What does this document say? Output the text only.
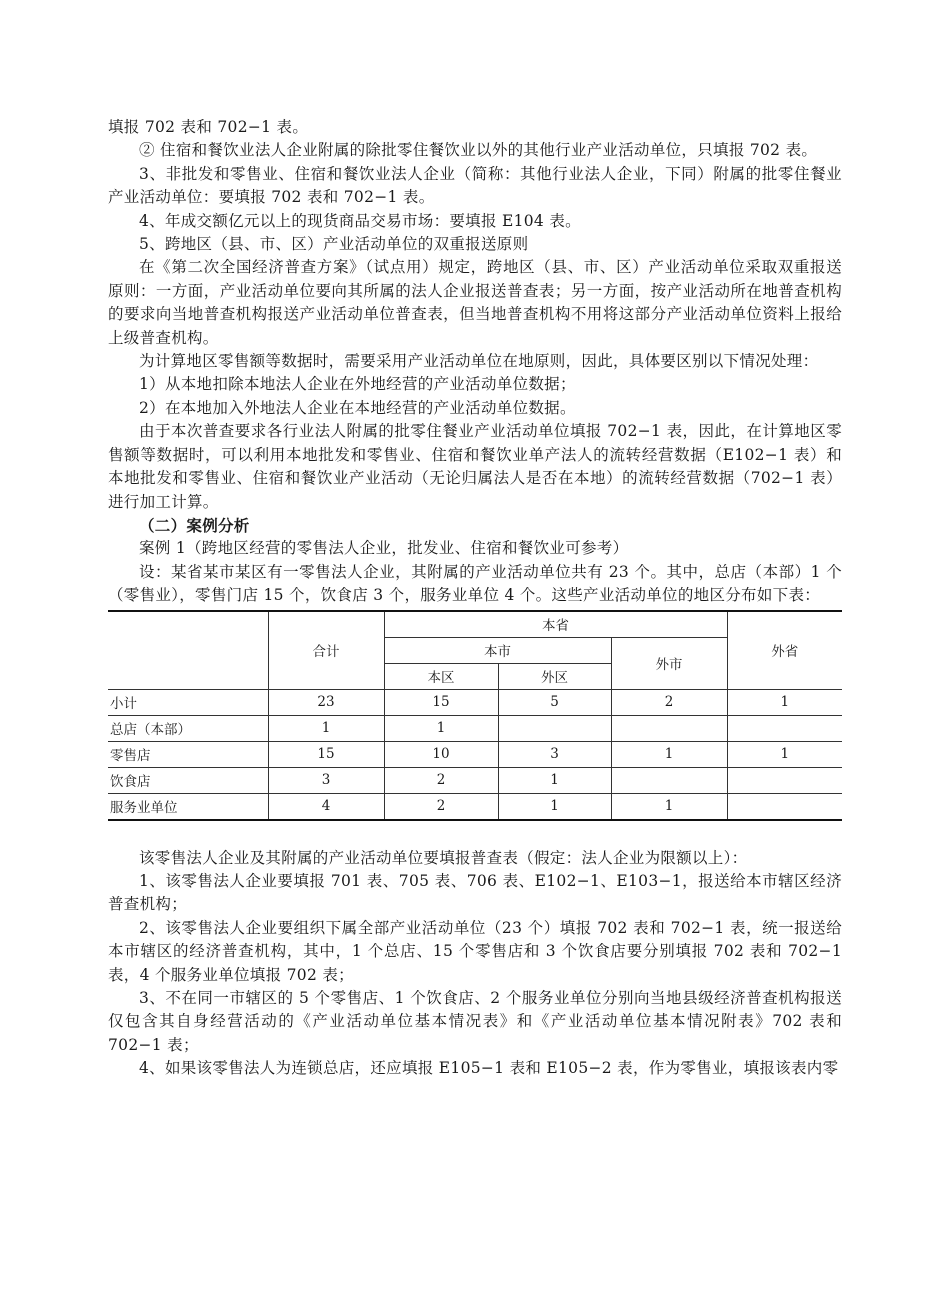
填报 702 表和 702−1 表。

② 住宿和餐饮业法人企业附属的除批零住餐饮业以外的其他行业产业活动单位，只填报 702 表。

3、非批发和零售业、住宿和餐饮业法人企业（简称：其他行业法人企业，下同）附属的批零住餐业产业活动单位：要填报 702 表和 702−1 表。

4、年成交额亿元以上的现货商品交易市场：要填报 E104 表。

5、跨地区（县、市、区）产业活动单位的双重报送原则

在《第二次全国经济普查方案》（试点用）规定，跨地区（县、市、区）产业活动单位采取双重报送原则：一方面，产业活动单位要向其所属的法人企业报送普查表；另一方面，按产业活动所在地普查机构的要求向当地普查机构报送产业活动单位普查表，但当地普查机构不用将这部分产业活动单位资料上报给上级普查机构。

为计算地区零售额等数据时，需要采用产业活动单位在地原则，因此，具体要区别以下情况处理：

1）从本地扣除本地法人企业在外地经营的产业活动单位数据；

2）在本地加入外地法人企业在本地经营的产业活动单位数据。

由于本次普查要求各行业法人附属的批零住餐业产业活动单位填报 702−1 表，因此，在计算地区零售额等数据时，可以利用本地批发和零售业、住宿和餐饮业单产法人的流转经营数据（E102−1 表）和本地批发和零售业、住宿和餐饮业产业活动（无论归属法人是否在本地）的流转经营数据（702−1 表）进行加工计算。

（二）案例分析

案例 1（跨地区经营的零售法人企业，批发业、住宿和餐饮业可参考）

设：某省某市某区有一零售法人企业，其附属的产业活动单位共有 23 个。其中，总店（本部）1 个（零售业），零售门店 15 个，饮食店 3 个，服务业单位 4 个。这些产业活动单位的地区分布如下表：

	合计	本省			外省
		本市		外市	
		本区	外区		
小计	23	15	5	2	1
总店（本部）	1	1			
零售店	15	10	3	1	1
饮食店	3	2	1		
服务业单位	4	2	1	1	

该零售法人企业及其附属的产业活动单位要填报普查表（假定：法人企业为限额以上）：

1、该零售法人企业要填报 701 表、705 表、706 表、E102−1、E103−1，报送给本市辖区经济普查机构；

2、该零售法人企业要组织下属全部产业活动单位（23 个）填报 702 表和 702−1 表，统一报送给本市辖区的经济普查机构，其中，1 个总店、15 个零售店和 3 个饮食店要分别填报 702 表和 702−1 表，4 个服务业单位填报 702 表；

3、不在同一市辖区的 5 个零售店、1 个饮食店、2 个服务业单位分别向当地县级经济普查机构报送仅包含其自身经营活动的《产业活动单位基本情况表》和《产业活动单位基本情况附表》702 表和 702−1 表；

4、如果该零售法人为连锁总店，还应填报 E105−1 表和 E105−2 表，作为零售业，填报该表内零
